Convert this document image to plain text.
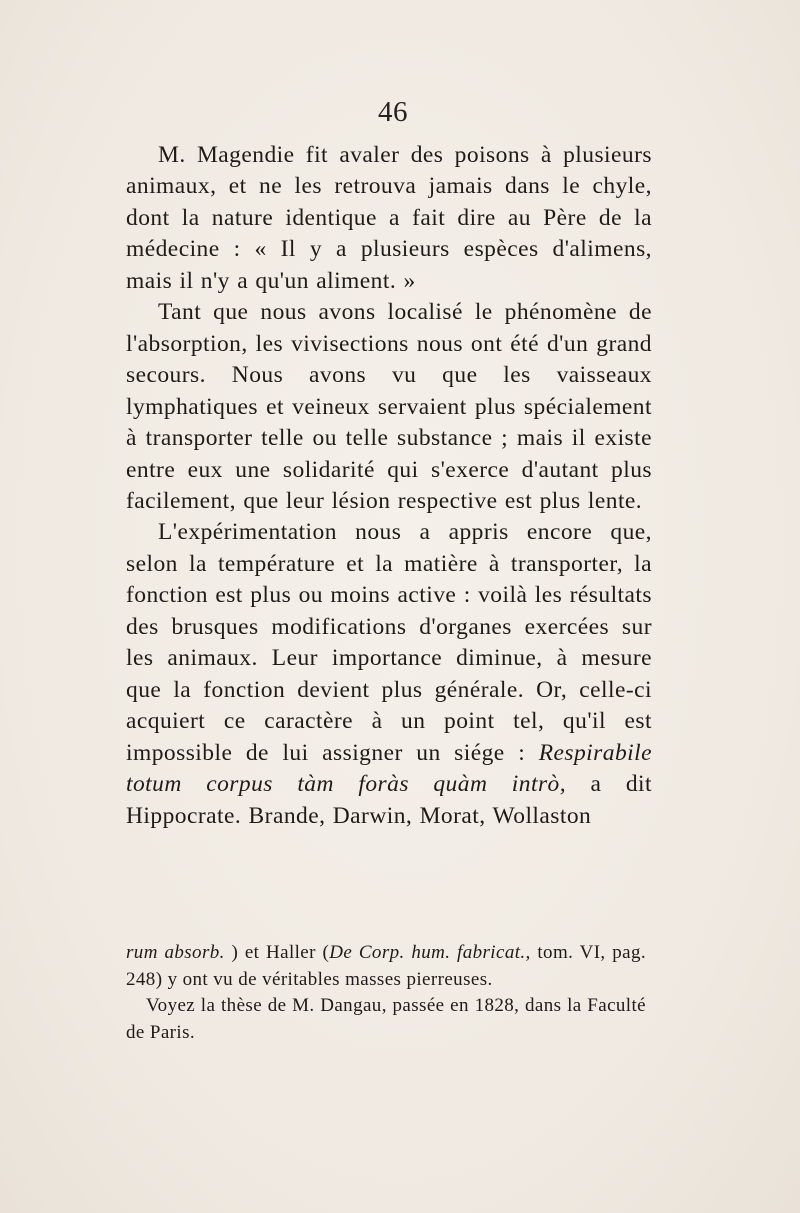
46

M. Magendie fit avaler des poisons à plusieurs animaux, et ne les retrouva jamais dans le chyle, dont la nature identique a fait dire au Père de la médecine : « Il y a plusieurs espèces d'alimens, mais il n'y a qu'un aliment. »

Tant que nous avons localisé le phénomène de l'absorption, les vivisections nous ont été d'un grand secours. Nous avons vu que les vaisseaux lymphatiques et veineux servaient plus spécialement à transporter telle ou telle substance ; mais il existe entre eux une solidarité qui s'exerce d'autant plus facilement, que leur lésion respective est plus lente.

L'expérimentation nous a appris encore que, selon la température et la matière à transporter, la fonction est plus ou moins active : voilà les résultats des brusques modifications d'organes exercées sur les animaux. Leur importance diminue, à mesure que la fonction devient plus générale. Or, celle-ci acquiert ce caractère à un point tel, qu'il est impossible de lui assigner un siége : Respirabile totum corpus tàm foràs quàm intrò, a dit Hippocrate. Brande, Darwin, Morat, Wollaston

rum absorb. ) et Haller (De Corp. hum. fabricat., tom. VI, pag. 248) y ont vu de véritables masses pierreuses.

Voyez la thèse de M. Dangau, passée en 1828, dans la Faculté de Paris.
